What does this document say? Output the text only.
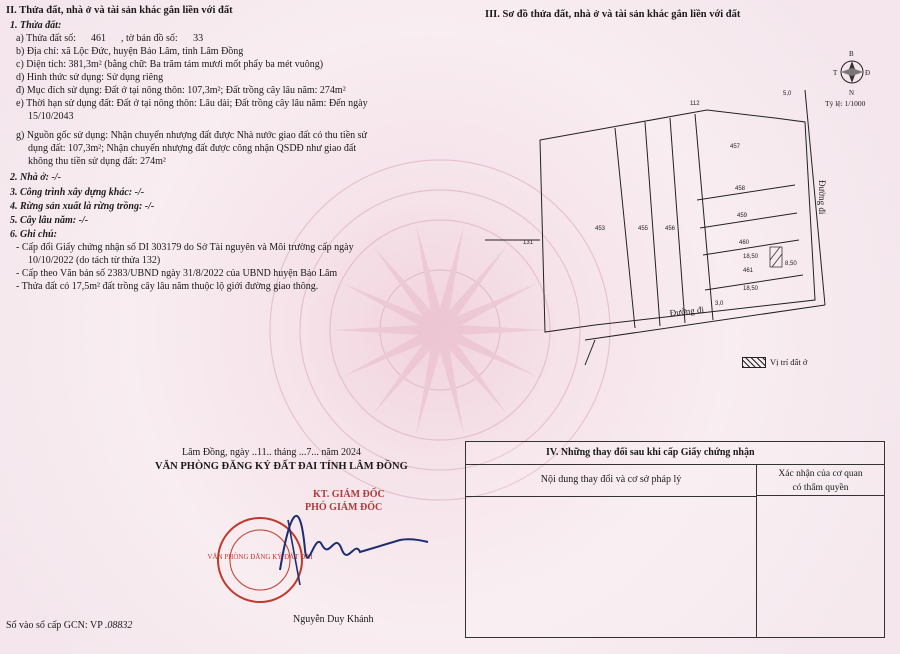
II. Thửa đất, nhà ở và tài sản khác gắn liền với đất
1. Thửa đất:
a) Thửa đất số: 461 , tờ bản đồ số: 33
b) Địa chỉ: xã Lộc Đức, huyện Bảo Lâm, tỉnh Lâm Đồng
c) Diện tích: 381,3m² (bằng chữ: Ba trăm tám mươi mốt phẩy ba mét vuông)
d) Hình thức sử dụng: Sử dụng riêng
đ) Mục đích sử dụng: Đất ở tại nông thôn: 107,3m²; Đất trồng cây lâu năm: 274m²
e) Thời hạn sử dụng đất: Đất ở tại nông thôn: Lâu dài; Đất trồng cây lâu năm: Đến ngày
15/10/2043
g) Nguồn gốc sử dụng: Nhận chuyển nhượng đất được Nhà nước giao đất có thu tiền sử
dụng đất: 107,3m²; Nhận chuyển nhượng đất được công nhận QSDĐ như giao đất
không thu tiền sử dụng đất: 274m²
2. Nhà ở: -/-
3. Công trình xây dựng khác: -/-
4. Rừng sản xuất là rừng trồng: -/-
5. Cây lâu năm: -/-
6. Ghi chú:
- Cấp đổi Giấy chứng nhận số DI 303179 do Sở Tài nguyên và Môi trường cấp ngày
10/10/2022 (do tách từ thửa 132)
- Cấp theo Văn bản số 2383/UBND ngày 31/8/2022 của UBND huyện Bảo Lâm
- Thửa đất có 17,5m² đất trồng cây lâu năm thuộc lộ giới đường giao thông.
III. Sơ đồ thửa đất, nhà ở và tài sản khác gắn liền với đất
453	455	456
457
458
459
460
461
112
131
5,0
18,50
18,50
8,50
3,0
Đường đi
Đường đi
B
N
Đ
T
Tỷ lệ: 1/1000
Vị trí đất ở
Lâm Đồng, ngày ..11.. tháng ...7... năm 2024
VĂN PHÒNG ĐĂNG KÝ ĐẤT ĐAI TỈNH LÂM ĐỒNG
KT. GIÁM ĐỐC
PHÓ GIÁM ĐỐC
VĂN PHÒNG ĐĂNG KÝ ĐẤT ĐAI
Nguyễn Duy Khánh
Số vào sổ cấp GCN: VP .08832
IV. Những thay đổi sau khi cấp Giấy chứng nhận
Nội dung thay đổi và cơ sở pháp lý	Xác nhận của cơ quan
có thẩm quyền
